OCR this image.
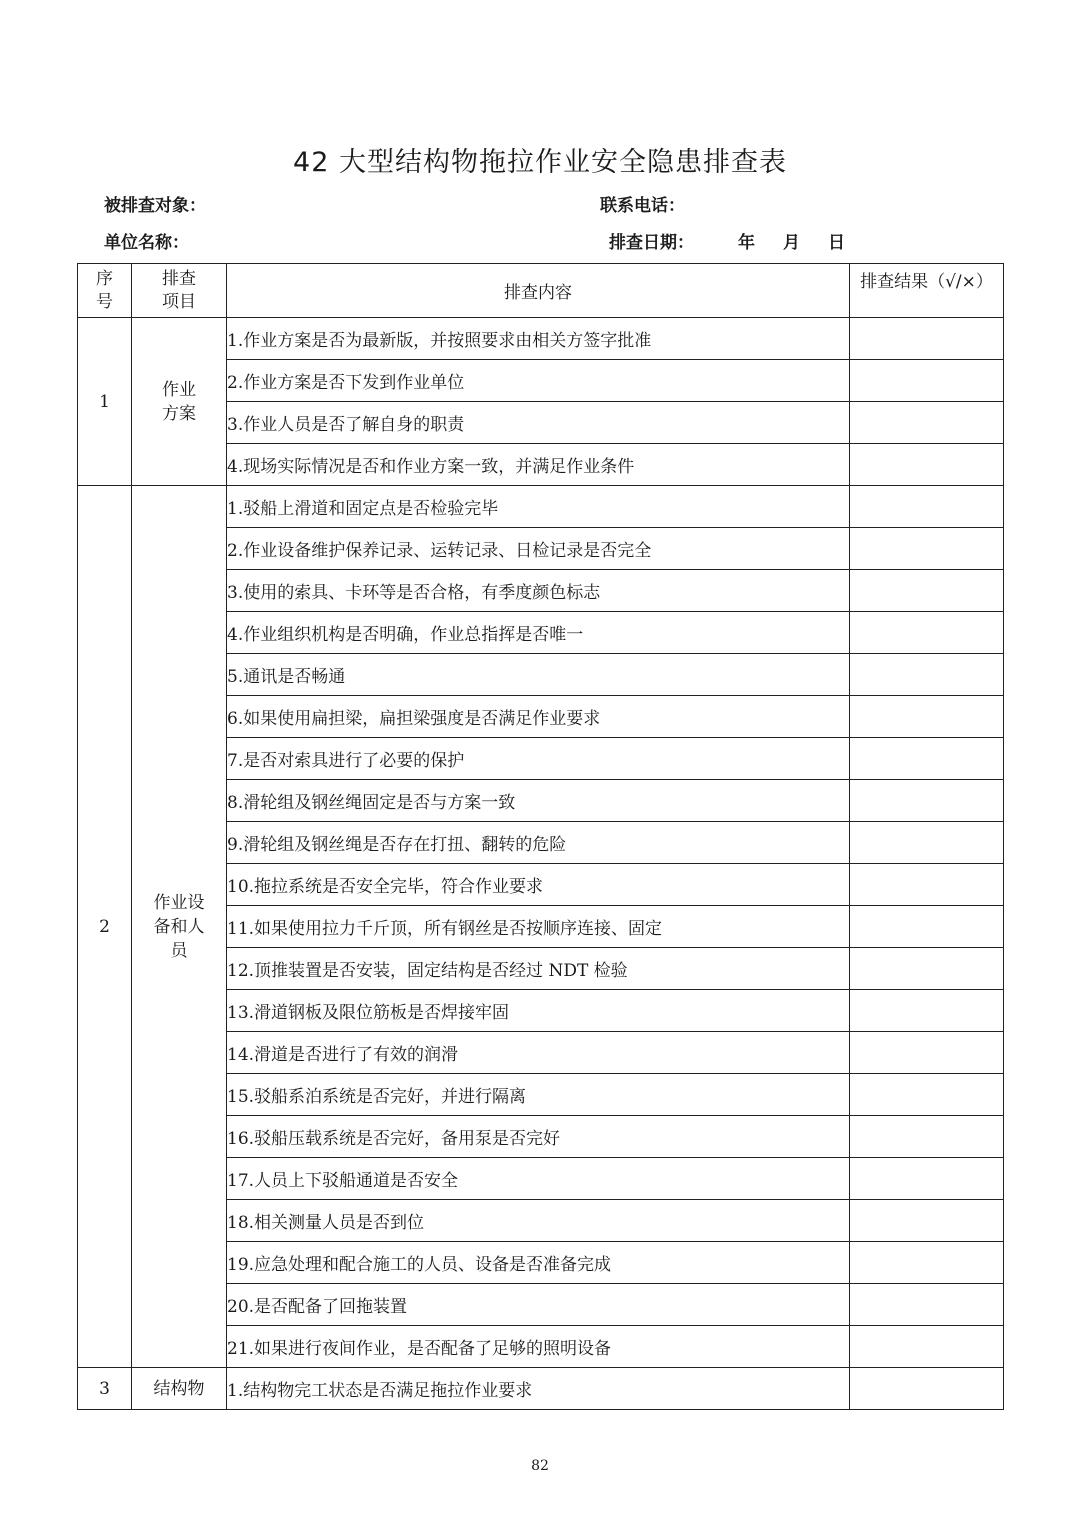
42 大型结构物拖拉作业安全隐患排查表
被排查对象：	联系电话：
单位名称：	排查日期：	年 月 日
序号	排查项目	排查内容	排查结果（√/×）
1	作业方案	1.作业方案是否为最新版，并按照要求由相关方签字批准	
		2.作业方案是否下发到作业单位	
		3.作业人员是否了解自身的职责	
		4.现场实际情况是否和作业方案一致，并满足作业条件	
2	作业设备和人员	1.驳船上滑道和固定点是否检验完毕	
		2.作业设备维护保养记录、运转记录、日检记录是否完全	
		3.使用的索具、卡环等是否合格，有季度颜色标志	
		4.作业组织机构是否明确，作业总指挥是否唯一	
		5.通讯是否畅通	
		6.如果使用扁担梁，扁担梁强度是否满足作业要求	
		7.是否对索具进行了必要的保护	
		8.滑轮组及钢丝绳固定是否与方案一致	
		9.滑轮组及钢丝绳是否存在打扭、翻转的危险	
		10.拖拉系统是否安全完毕，符合作业要求	
		11.如果使用拉力千斤顶，所有钢丝是否按顺序连接、固定	
		12.顶推装置是否安装，固定结构是否经过 NDT 检验	
		13.滑道钢板及限位筋板是否焊接牢固	
		14.滑道是否进行了有效的润滑	
		15.驳船系泊系统是否完好，并进行隔离	
		16.驳船压载系统是否完好，备用泵是否完好	
		17.人员上下驳船通道是否安全	
		18.相关测量人员是否到位	
		19.应急处理和配合施工的人员、设备是否准备完成	
		20.是否配备了回拖装置	
		21.如果进行夜间作业，是否配备了足够的照明设备	
3	结构物	1.结构物完工状态是否满足拖拉作业要求	
82
